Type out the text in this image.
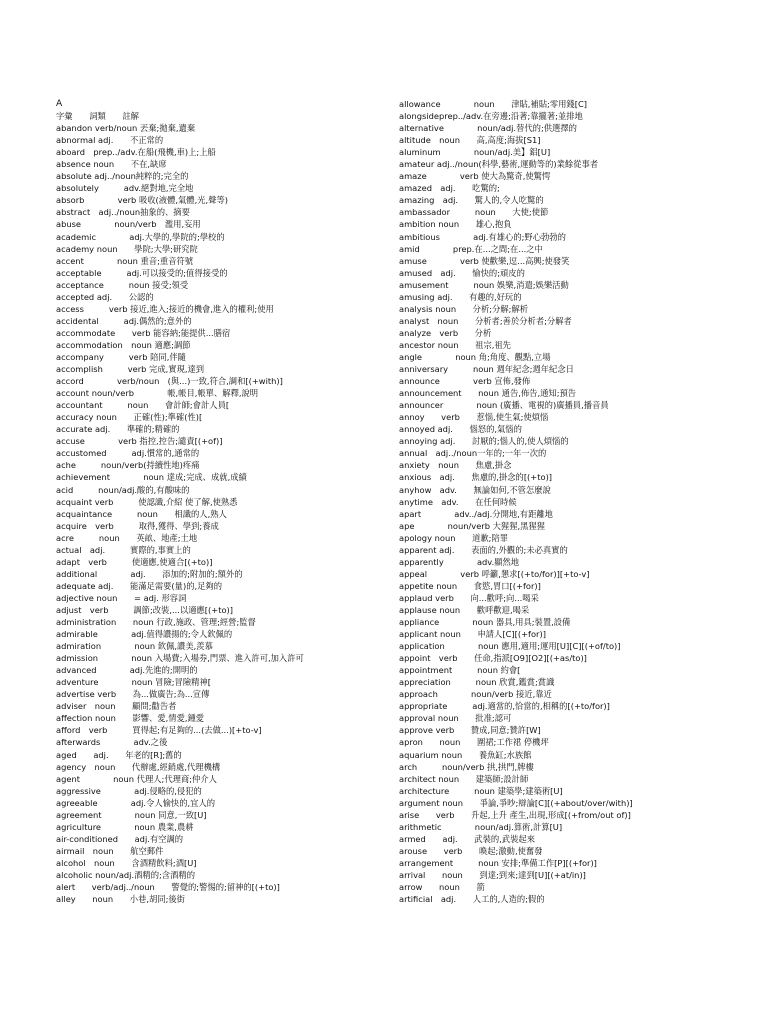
A
字彙　　詞類　　註解
abandon verb/noun 丟棄;拋棄,遺棄
abnormal adj.　　不正常的
aboard　prep../adv.在船(飛機,車)上;上船
absence noun　　不在,缺席
absolute adj../noun純粹的;完全的
absolutely　　　adv.絕對地,完全地
absorb　　　　verb 吸收(液體,氣體,光,聲等)
abstract　adj../noun抽象的、摘要
abuse　　　　noun/verb　濫用,妄用
academic　　　　adj.大學的,學院的;學校的
academy noun　　學院;大學;研究院
accent　　　　noun 重音;重音符號
acceptable　　　adj.可以接受的;值得接受的
acceptance　　　noun 接受;領受
accepted adj.　　公認的
access　　　verb 接近,進入;接近的機會,進入的權利;使用
accidental　　　adj.偶然的;意外的
accommodate　　verb 能容納;能提供...膳宿
accommodation　noun 適應;調節
accompany　　　verb 陪同,伴隨
accomplish　　　verb 完成,實現,達到
accord　　　　verb/noun　(與...)一致,符合,調和[(+with)]
account noun/verb　　　　帳,帳目,帳單、解釋,說明
accountant　　　noun　　會計師;會計人員[
accuracy noun　　正確(性);準確(性)[
accurate adj.　　準確的;精確的
accuse　　　　verb 指控,控告;譴責[(+of)]
accustomed　　　adj.慣常的,通常的
ache　　　noun/verb(持續性地)疼痛
achievement　　　　noun 達成;完成、成就,成績
acid　　　noun/adj.酸的,有酸味的
acquaint verb　　　使認識,介紹 使了解,使熟悉
acquaintance　　　noun　　相識的人,熟人
acquire　verb　　　取得,獲得、學到;養成
acre　　　noun　　英畝、地產;土地
actual　adj.　　　實際的,事實上的
adapt　verb　　　使適應,使適合[(+to)]
additional　　　　adj.　　添加的;附加的;額外的
adequate adj.　　能滿足需要(量)的,足夠的
adjective noun　　= adj. 形容詞
adjust　verb　　　調節;改裝,...以適應[(+to)]
administration　　noun 行政,施政、管理;經營;監督
admirable　　　　adj.值得讚揚的;令人欽佩的
admiration　　　　noun 欽佩,讚美,羨慕
admission　　　　noun 入場費;入場券,門票、進入許可,加入許可
advanced　　　　adj.先進的;開明的
adventure　　　　noun 冒險;冒險精神[
advertise verb　　為...做廣告;為...宣傳
adviser　noun　　顧問;勸告者
affection noun　　影響、愛,情愛,鍾愛
afford　verb　　　買得起;有足夠的...(去做...)[+to-v]
afterwards　　　　adv.之後
aged　　adj.　　年老的[R];舊的
agency　noun　　代辦處,經銷處,代理機構
agent　　　　noun 代理人;代理商;仲介人
aggressive　　　　adj.侵略的,侵犯的
agreeable　　　　adj.令人愉快的,宜人的
agreement　　　　noun 同意,一致[U]
agriculture　　　　noun 農業,農耕
air-conditioned　　adj.有空調的
airmail　noun　　航空郵件
alcohol　noun　　含酒精飲料;酒[U]
alcoholic noun/adj.酒精的;含酒精的
alert　　verb/adj../noun　　警覺的;警惕的;留神的[(+to)]
alley　　noun　　小巷,胡同;後街
allowance　　　　noun　　津貼,補貼;零用錢[C]
alongsideprep../adv.在旁邊;沿著;靠攏著;並排地
alternative　　　　noun/adj.替代的;供選擇的
altitude　noun　　高,高度;海拔[S1]
aluminum　　　　noun/adj.美】鋁[U]
amateur adj../noun(科學,藝術,運動等的)業餘從事者
amaze　　　　verb 使大為驚奇,使驚愕
amazed　adj.　　吃驚的;
amazing　adj.　　驚人的,令人吃驚的
ambassador　　　noun　　大使;使節
ambition noun　　雄心,抱負
ambitious　　　　adj.有雄心的;野心勃勃的
amid　　　　prep.在...之間;在...之中
amuse　　　　verb 使歡樂,逗...高興;使發笑
amused　adj.　　愉快的;頑皮的
amusement　　　noun 娛樂,消遣;娛樂活動
amusing adj.　　有趣的,好玩的
analysis noun　　分析;分解;解析
analyst　noun　　分析者;善於分析者;分解者
analyze　verb　　分析
ancestor noun　　祖宗,祖先
angle　　　　noun 角;角度、觀點,立場
anniversary　　　noun 週年紀念;週年紀念日
announce　　　　verb 宣佈,發佈
announcement　　noun 通告,佈告,通知;預告
announcer　　　　noun (廣播、電視的)廣播員,播音員
annoy　　verb　　惹惱,使生氣;使煩惱
annoyed adj.　　惱怒的,氣惱的
annoying adj.　　討厭的;惱人的,使人煩惱的
annual　adj../noun一年的;一年一次的
anxiety　noun　　焦慮,掛念
anxious　adj.　　焦慮的,掛念的[(+to)]
anyhow　adv.　　無論如何,不管怎麼說
anytime　adv.　　在任何時候
apart　　　　adv../adj.分開地,有距離地
ape　　　　noun/verb 大猩猩,黑猩猩
apology noun　　道歉;陪罪
apparent adj.　　表面的,外觀的;未必真實的
apparently　　　　adv.顯然地
appeal　　　　verb 呼籲,懇求[(+to/for)][+to-v]
appetite noun　　食慾,胃口[(+for)]
applaud verb　　向...歡呼;向...喝采
applause noun　　歡呼歡迎,喝采
appliance　　　　noun 器具,用具;裝置,設備
applicant noun　　申請人[C][(+for)]
application　　　　noun 應用,適用;運用[U][C][(+of/to)]
appoint　verb　　任命,指派[O9][O2][(+as/to)]
appointment　　　noun 約會[
appreciation　　　noun 欣賞,鑑賞;賞識
approach　　　　noun/verb 接近,靠近
appropriate　　　adj.適當的,恰當的,相稱的[(+to/for)]
approval noun　　批准;認可
approve verb　　贊成,同意;贊許[W]
apron　　noun　　圍裙;工作裙 停機坪
aquarium noun　　養魚缸;水族館
arch　　　noun/verb 拱,拱門,牌樓
architect noun　　建築師;設計師
architecture　　　noun 建築學;建築術[U]
argument noun　　爭論,爭吵;辯論[C][(+about/over/with)]
arise　　verb　　升起,上升 產生,出現,形成[(+from/out of)]
arithmetic　　　　noun/adj.算術,計算[U]
armed　　adj.　　武裝的,武裝起來
arouse　　verb　　喚起;激動,使奮發
arrangement　　　noun 安排;準備工作[P][(+for)]
arrival　　noun　　到達;到來;達到[U][(+at/in)]
arrow　　noun　　箭
artificial　adj.　　人工的,人造的;假的
